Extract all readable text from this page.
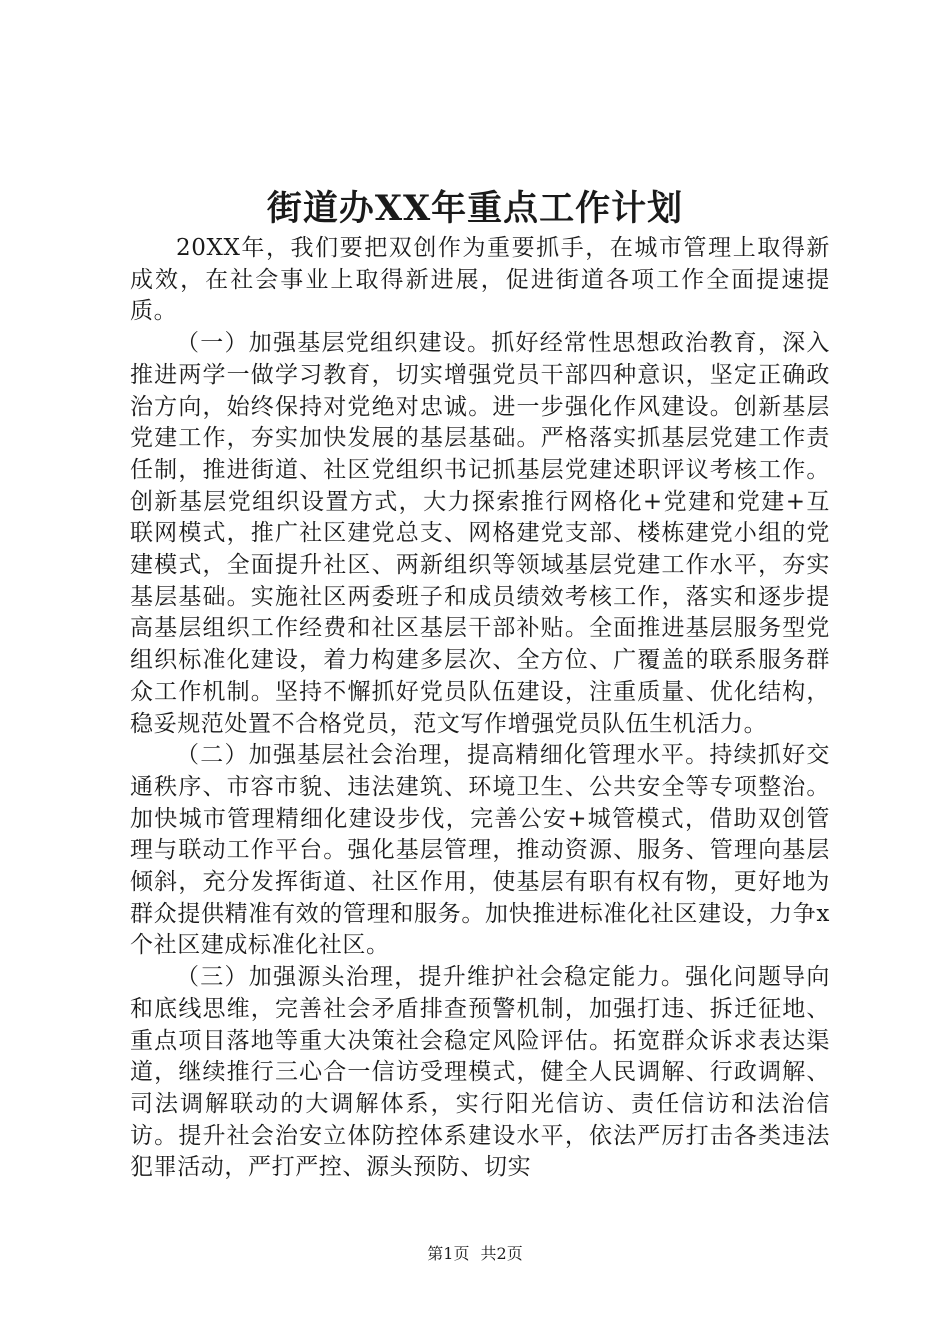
街道办XX年重点工作计划

20XX年，我们要把双创作为重要抓手，在城市管理上取得新成效，在社会事业上取得新进展，促进街道各项工作全面提速提质。

（一）加强基层党组织建设。抓好经常性思想政治教育，深入推进两学一做学习教育，切实增强党员干部四种意识，坚定正确政治方向，始终保持对党绝对忠诚。进一步强化作风建设。创新基层党建工作，夯实加快发展的基层基础。严格落实抓基层党建工作责任制，推进街道、社区党组织书记抓基层党建述职评议考核工作。创新基层党组织设置方式，大力探索推行网格化+党建和党建+互联网模式，推广社区建党总支、网格建党支部、楼栋建党小组的党建模式，全面提升社区、两新组织等领域基层党建工作水平，夯实基层基础。实施社区两委班子和成员绩效考核工作，落实和逐步提高基层组织工作经费和社区基层干部补贴。全面推进基层服务型党组织标准化建设，着力构建多层次、全方位、广覆盖的联系服务群众工作机制。坚持不懈抓好党员队伍建设，注重质量、优化结构，稳妥规范处置不合格党员，范文写作增强党员队伍生机活力。

（二）加强基层社会治理，提高精细化管理水平。持续抓好交通秩序、市容市貌、违法建筑、环境卫生、公共安全等专项整治。加快城市管理精细化建设步伐，完善公安+城管模式，借助双创管理与联动工作平台。强化基层管理，推动资源、服务、管理向基层倾斜，充分发挥街道、社区作用，使基层有职有权有物，更好地为群众提供精准有效的管理和服务。加快推进标准化社区建设，力争x个社区建成标准化社区。

（三）加强源头治理，提升维护社会稳定能力。强化问题导向和底线思维，完善社会矛盾排查预警机制，加强打违、拆迁征地、重点项目落地等重大决策社会稳定风险评估。拓宽群众诉求表达渠道，继续推行三心合一信访受理模式，健全人民调解、行政调解、司法调解联动的大调解体系，实行阳光信访、责任信访和法治信访。提升社会治安立体防控体系建设水平，依法严厉打击各类违法犯罪活动，严打严控、源头预防、切实

第1页 共2页
